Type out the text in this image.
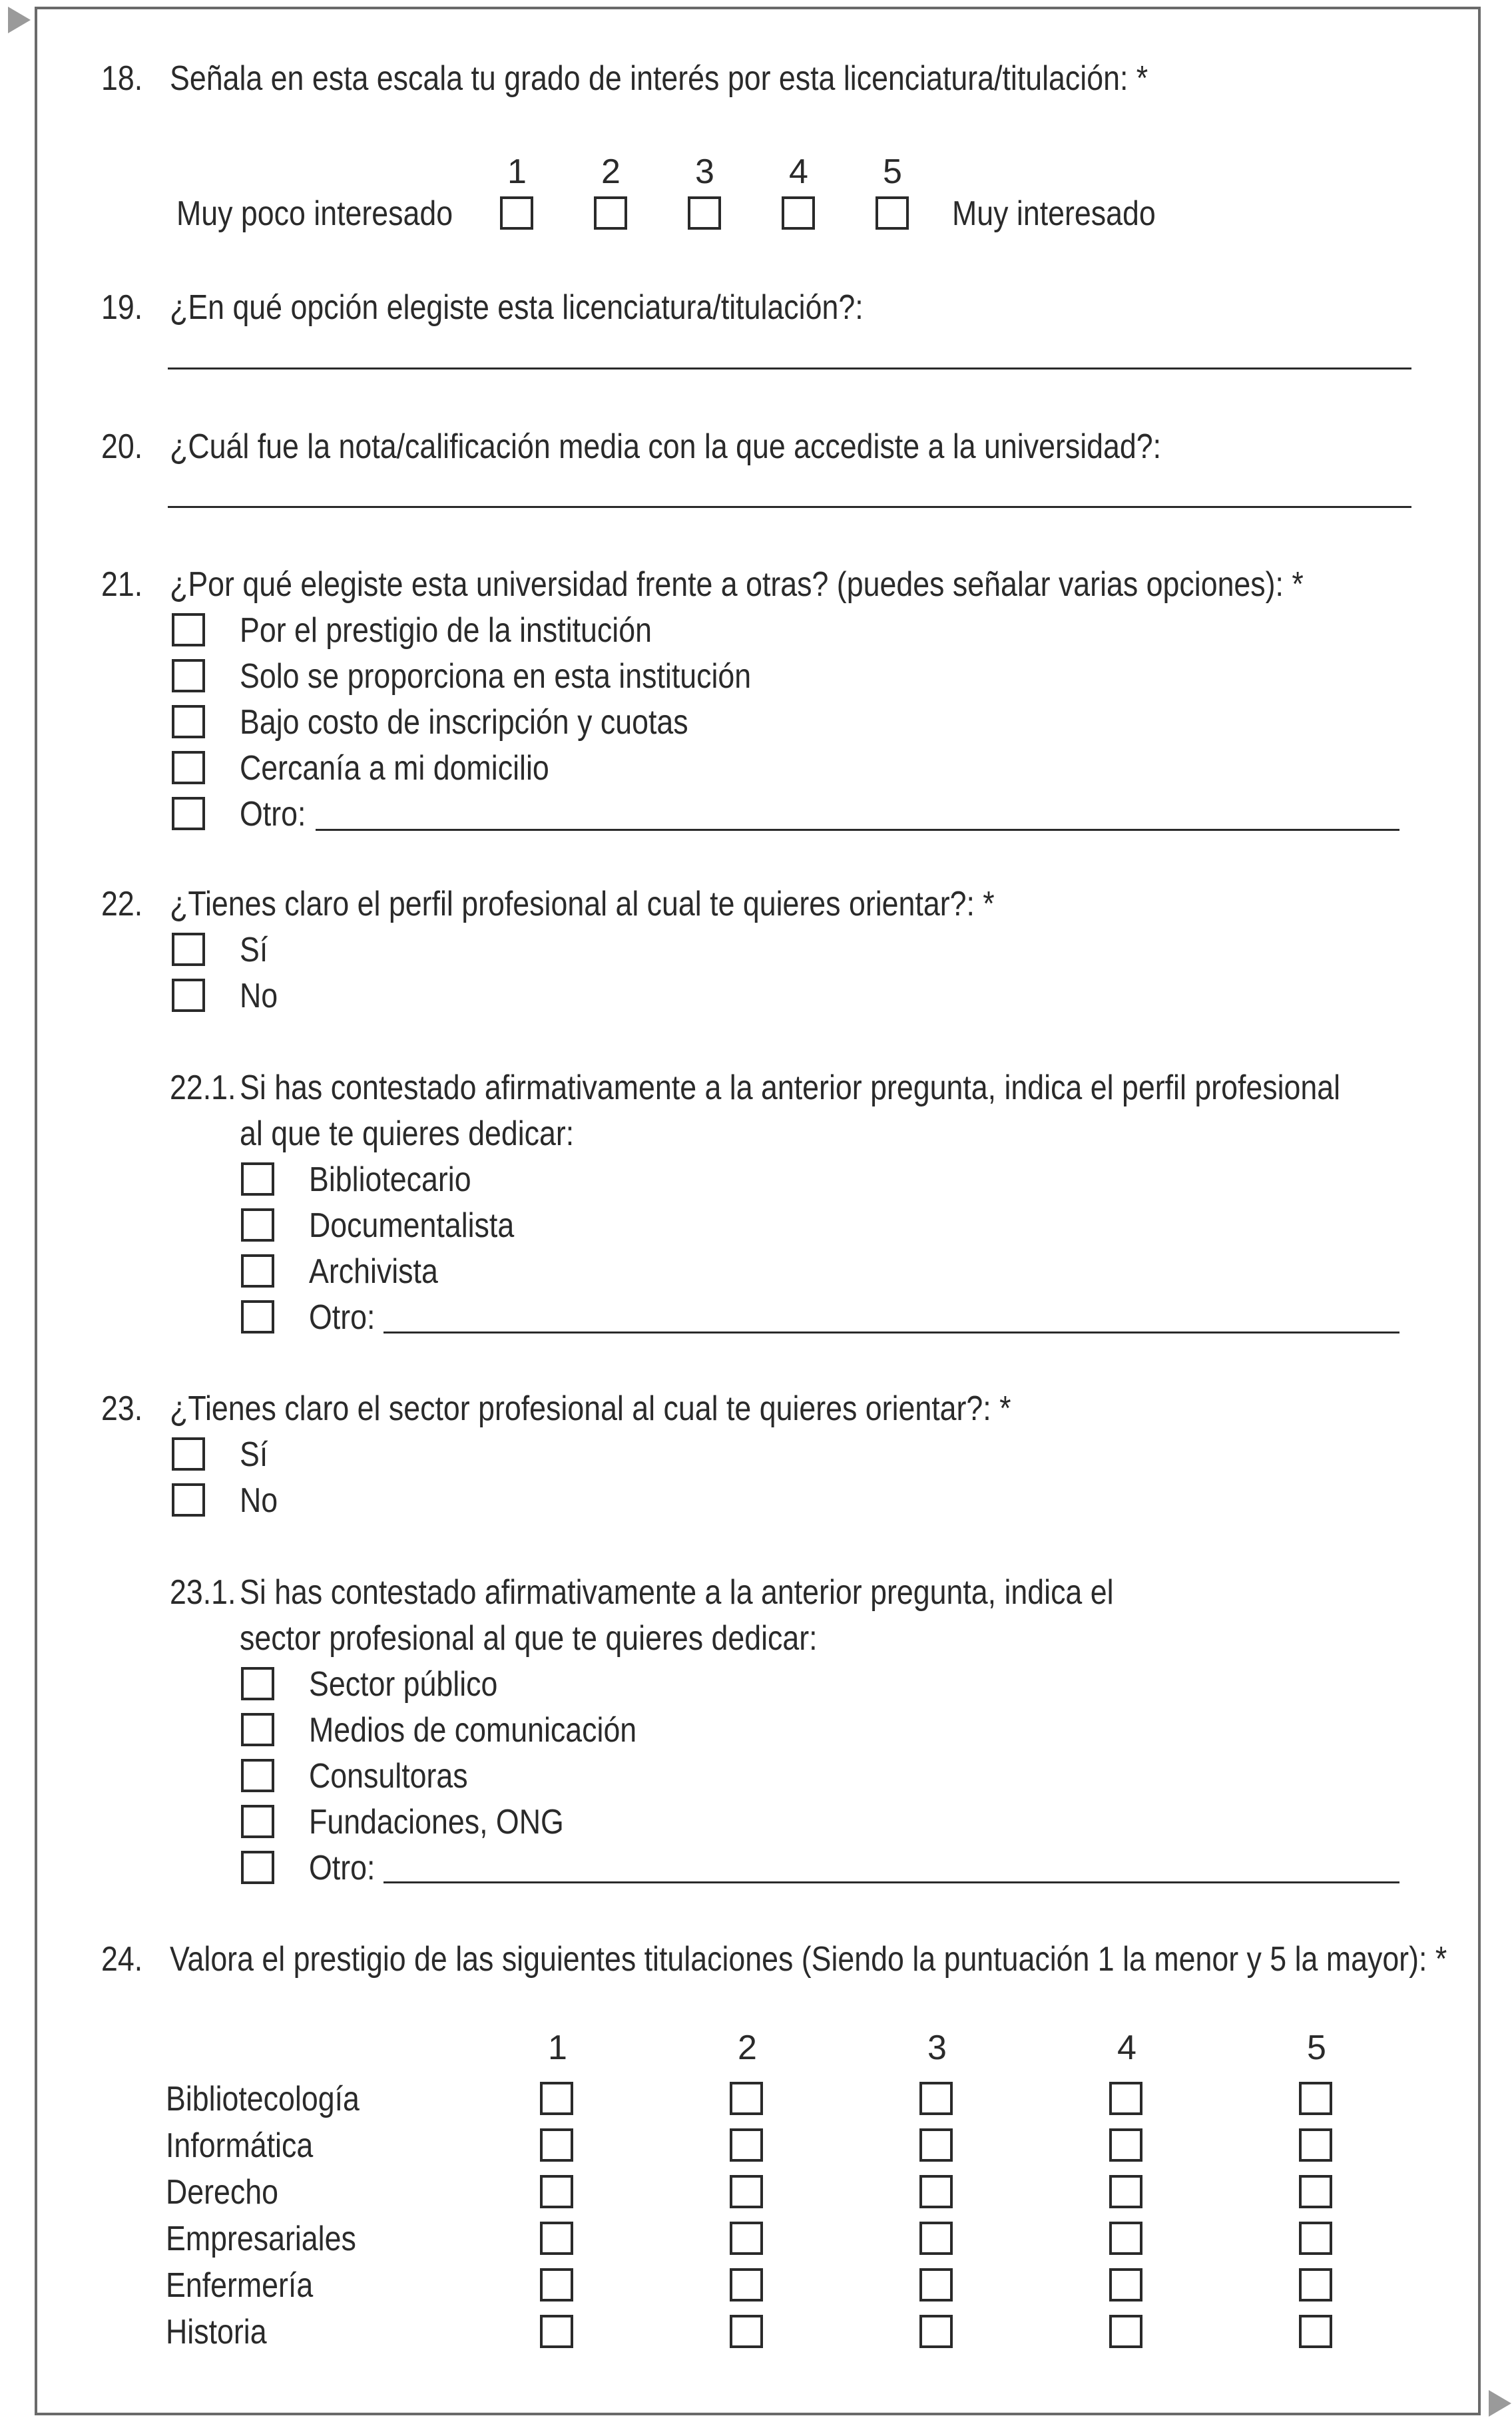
18. Señala en esta escala tu grado de interés por esta licenciatura/titulación: *
1 2 3 4 5
Muy poco interesado	Muy interesado
19. ¿En qué opción elegiste esta licenciatura/titulación?:
20. ¿Cuál fue la nota/calificación media con la que accediste a la universidad?:
21. ¿Por qué elegiste esta universidad frente a otras? (puedes señalar varias opciones): *
Por el prestigio de la institución
Solo se proporciona en esta institución
Bajo costo de inscripción y cuotas
Cercanía a mi domicilio
Otro:
22. ¿Tienes claro el perfil profesional al cual te quieres orientar?: *
Sí
No
22.1. Si has contestado afirmativamente a la anterior pregunta, indica el perfil profesional
al que te quieres dedicar:
Bibliotecario
Documentalista
Archivista
Otro:
23. ¿Tienes claro el sector profesional al cual te quieres orientar?: *
Sí
No
23.1. Si has contestado afirmativamente a la anterior pregunta, indica el
sector profesional al que te quieres dedicar:
Sector público
Medios de comunicación
Consultoras
Fundaciones, ONG
Otro:
24. Valora el prestigio de las siguientes titulaciones (Siendo la puntuación 1 la menor y 5 la mayor): *
1	2	3	4	5
Bibliotecología
Informática
Derecho
Empresariales
Enfermería
Historia
